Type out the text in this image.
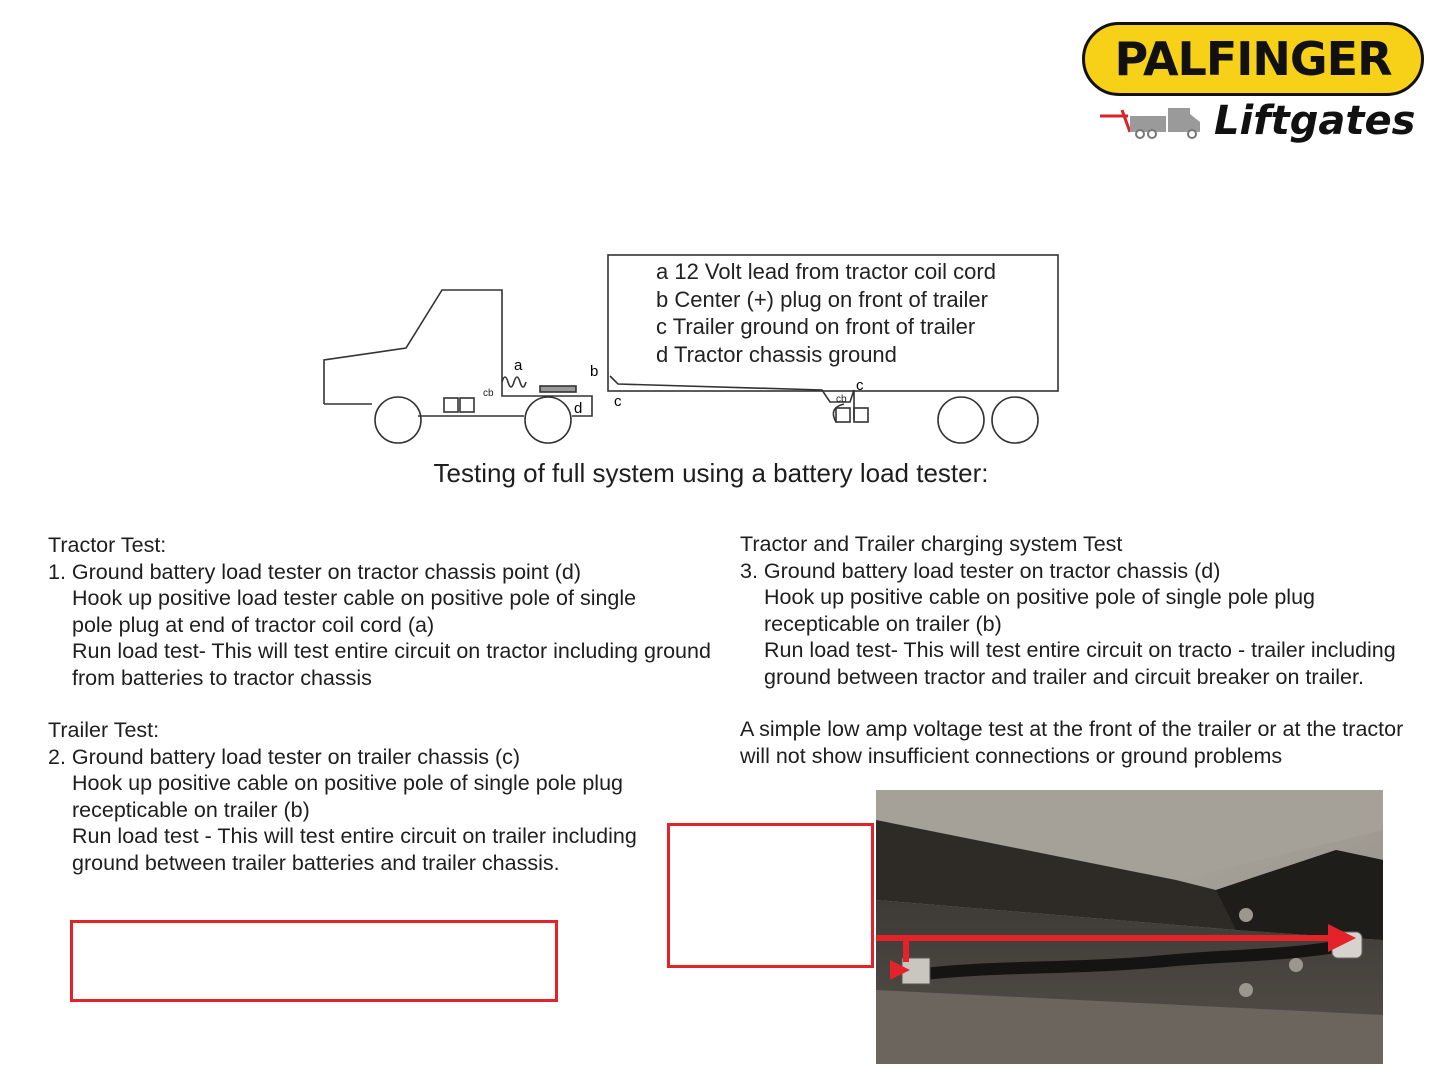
PALFINGER
Liftgates
a	b
c
c
d
cb
cb
a 12 Volt lead from tractor coil cord
b Center (+) plug on front of trailer
c Trailer ground on front of trailer
d Tractor chassis ground
Testing of full system using a battery load tester:
Tractor Test:
1. Ground battery load tester on tractor chassis point (d)
Hook up positive load tester cable on positive pole of single
pole plug at end of tractor coil cord (a)
Run load test- This will test entire circuit on tractor including ground
from batteries to tractor chassis
Trailer Test:
2. Ground battery load tester on trailer chassis (c)
Hook up positive cable on positive pole of single pole plug
recepticable on trailer (b)
Run load test - This will test entire circuit on trailer including
ground between trailer batteries and trailer chassis.
Tractor and Trailer charging system Test
3. Ground battery load tester on tractor chassis (d)
Hook up positive cable on positive pole of single pole plug
recepticable on trailer (b)
Run load test- This will test entire circuit on tracto - trailer including
ground between tractor and trailer and circuit breaker on trailer.
A simple low amp voltage test at the front of the trailer or at the tractor
will not show insufficient connections or ground problems
